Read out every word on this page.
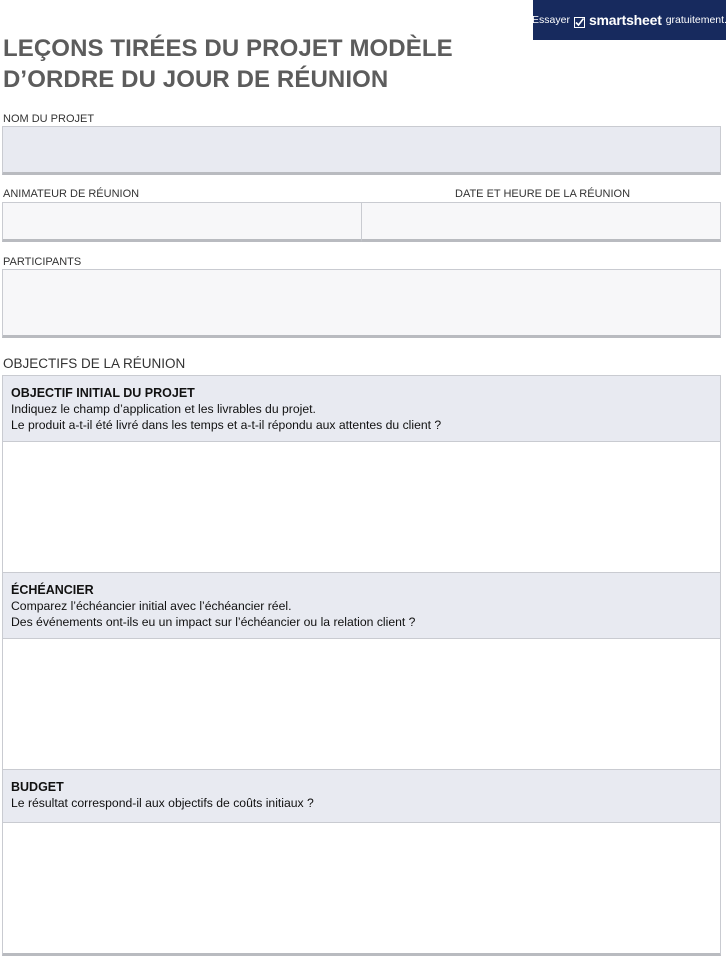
Essayer smartsheet gratuitement.
LEÇONS TIRÉES DU PROJET MODÈLE
D’ORDRE DU JOUR DE RÉUNION
NOM DU PROJET
ANIMATEUR DE RÉUNION	DATE ET HEURE DE LA RÉUNION
PARTICIPANTS
OBJECTIFS DE LA RÉUNION
OBJECTIF INITIAL DU PROJET
Indiquez le champ d’application et les livrables du projet.
Le produit a-t-il été livré dans les temps et a-t-il répondu aux attentes du client ?
ÉCHÉANCIER
Comparez l’échéancier initial avec l’échéancier réel.
Des événements ont-ils eu un impact sur l’échéancier ou la relation client ?
BUDGET
Le résultat correspond-il aux objectifs de coûts initiaux ?
